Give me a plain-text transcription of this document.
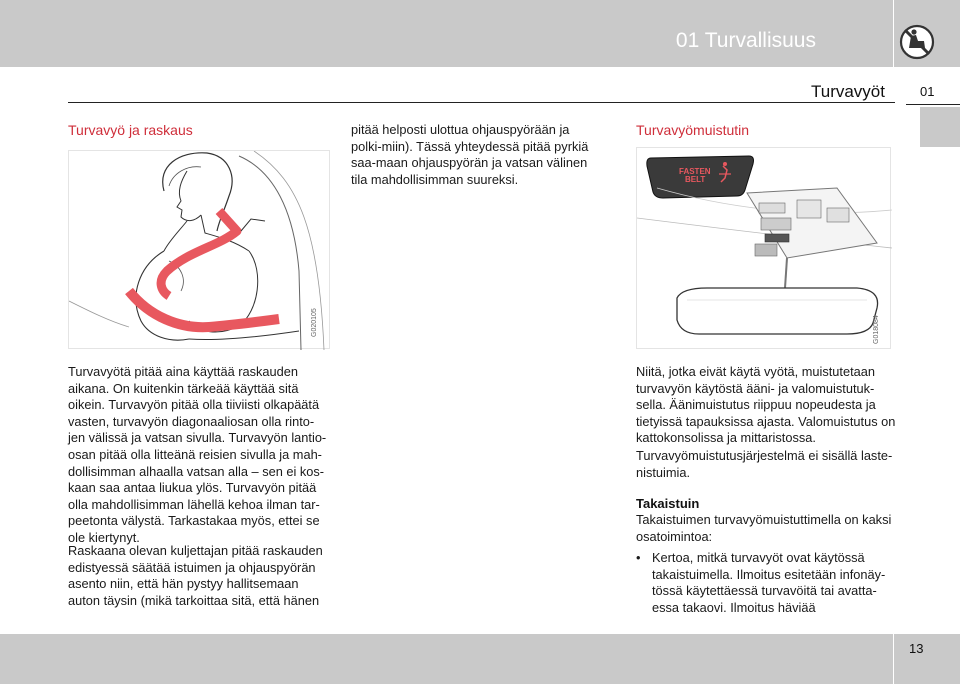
01 Turvallisuus
Turvavyöt	01
Turvavyö ja raskaus
G020105

Turvavyötä pitää aina käyttää raskauden aikana. On kuitenkin tärkeää käyttää sitä oikein. Turvavyön pitää olla tiiviisti olkapäätä vasten, turvavyön diagonaaliosan olla rinto-jen välissä ja vatsan sivulla. Turvavyön lantio-osan pitää olla litteänä reisien sivulla ja mah-dollisimman alhaalla vatsan alla – sen ei kos-kaan saa antaa liukua ylös. Turvavyön pitää olla mahdollisimman lähellä kehoa ilman tar-peetonta välystä. Tarkastakaa myös, ettei se ole kiertynyt.

Raskaana olevan kuljettajan pitää raskauden edistyessä säätää istuimen ja ohjauspyörän asento niin, että hän pystyy hallitsemaan auton täysin (mikä tarkoittaa sitä, että hänen

pitää helposti ulottua ohjauspyörään ja polki-miin). Tässä yhteydessä pitää pyrkiä saa-maan ohjauspyörän ja vatsan välinen tila mahdollisimman suureksi.

Turvavyömuistutin
FASTEN
BELT
G018084

Niitä, jotka eivät käytä vyötä, muistutetaan turvavyön käytöstä ääni- ja valomuistutuk-sella. Äänimuistutus riippuu nopeudesta ja tietyissä tapauksissa ajasta. Valomuistutus on kattokonsolissa ja mittaristossa.

Turvavyömuistutusjärjestelmä ei sisällä laste-nistuimia.

Takaistuin

Takaistuimen turvavyömuistuttimella on kaksi osatoimintoa:

• Kertoa, mitkä turvavyöt ovat käytössä takaistuimella. Ilmoitus esitetään infonäy-tössä käytettäessä turvavöitä tai avatta-essa takaovi. Ilmoitus häviää
13
